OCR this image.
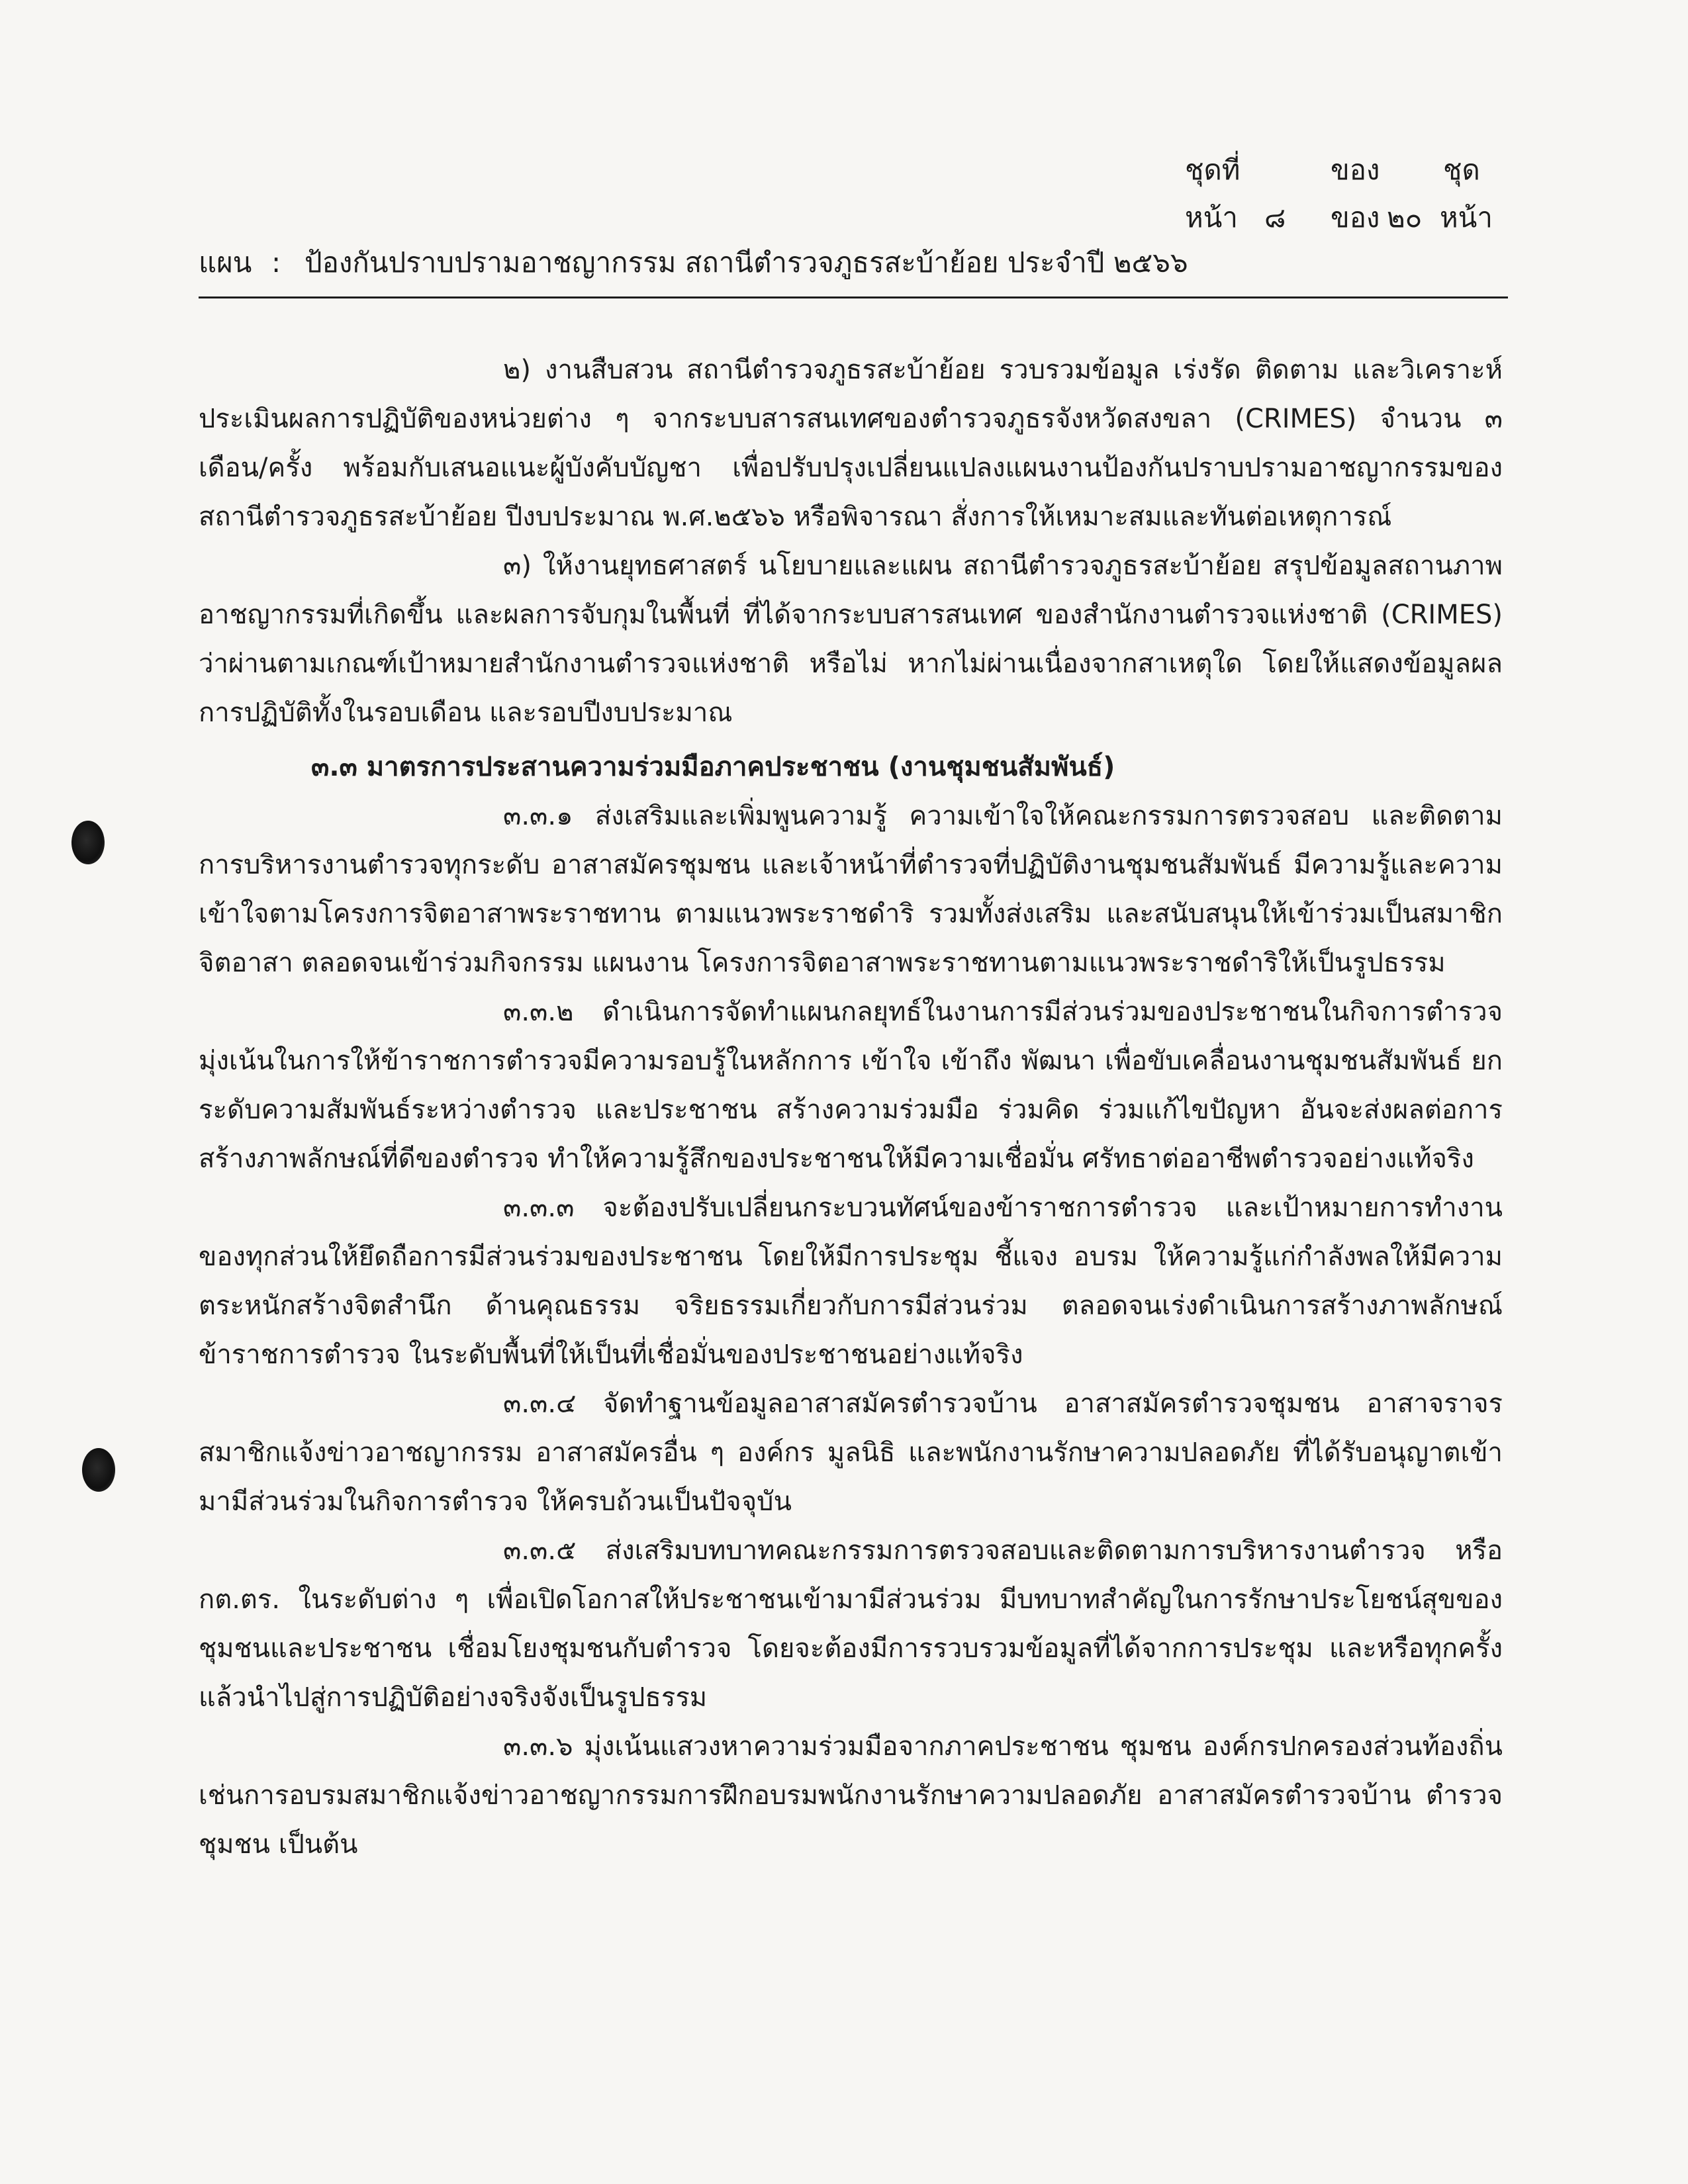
ชุดที่	ของ ชุด
หน้า ๘ ของ ๒๐ หน้า
แผน : ป้องกันปราบปรามอาชญากรรม สถานีตำรวจภูธรสะบ้าย้อย ประจำปี ๒๕๖๖

๒) งานสืบสวน สถานีตำรวจภูธรสะบ้าย้อย รวบรวมข้อมูล เร่งรัด ติดตาม และวิเคราะห์ประเมินผลการปฏิบัติของหน่วยต่าง ๆ จากระบบสารสนเทศของตำรวจภูธรจังหวัดสงขลา (CRIMES) จำนวน ๓ เดือน/ครั้ง พร้อมกับเสนอแนะผู้บังคับบัญชา เพื่อปรับปรุงเปลี่ยนแปลงแผนงานป้องกันปราบปรามอาชญากรรมของสถานีตำรวจภูธรสะบ้าย้อย ปีงบประมาณ พ.ศ.๒๕๖๖ หรือพิจารณา สั่งการให้เหมาะสมและทันต่อเหตุการณ์

๓) ให้งานยุทธศาสตร์ นโยบายและแผน สถานีตำรวจภูธรสะบ้าย้อย สรุปข้อมูลสถานภาพอาชญากรรมที่เกิดขึ้น และผลการจับกุมในพื้นที่ ที่ได้จากระบบสารสนเทศ ของสำนักงานตำรวจแห่งชาติ (CRIMES) ว่าผ่านตามเกณฑ์เป้าหมายสำนักงานตำรวจแห่งชาติ หรือไม่ หากไม่ผ่านเนื่องจากสาเหตุใด โดยให้แสดงข้อมูลผลการปฏิบัติทั้งในรอบเดือน และรอบปีงบประมาณ

๓.๓ มาตรการประสานความร่วมมือภาคประชาชน (งานชุมชนสัมพันธ์)

๓.๓.๑ ส่งเสริมและเพิ่มพูนความรู้ ความเข้าใจให้คณะกรรมการตรวจสอบ และติดตามการบริหารงานตำรวจทุกระดับ อาสาสมัครชุมชน และเจ้าหน้าที่ตำรวจที่ปฏิบัติงานชุมชนสัมพันธ์ มีความรู้และความเข้าใจตามโครงการจิตอาสาพระราชทาน ตามแนวพระราชดำริ รวมทั้งส่งเสริม และสนับสนุนให้เข้าร่วมเป็นสมาชิกจิตอาสา ตลอดจนเข้าร่วมกิจกรรม แผนงาน โครงการจิตอาสาพระราชทานตามแนวพระราชดำริให้เป็นรูปธรรม

๓.๓.๒ ดำเนินการจัดทำแผนกลยุทธ์ในงานการมีส่วนร่วมของประชาชนในกิจการตำรวจ มุ่งเน้นในการให้ข้าราชการตำรวจมีความรอบรู้ในหลักการ เข้าใจ เข้าถึง พัฒนา เพื่อขับเคลื่อนงานชุมชนสัมพันธ์ ยกระดับความสัมพันธ์ระหว่างตำรวจ และประชาชน สร้างความร่วมมือ ร่วมคิด ร่วมแก้ไขปัญหา อันจะส่งผลต่อการสร้างภาพลักษณ์ที่ดีของตำรวจ ทำให้ความรู้สึกของประชาชนให้มีความเชื่อมั่น ศรัทธาต่ออาชีพตำรวจอย่างแท้จริง

๓.๓.๓ จะต้องปรับเปลี่ยนกระบวนทัศน์ของข้าราชการตำรวจ และเป้าหมายการทำงานของทุกส่วนให้ยึดถือการมีส่วนร่วมของประชาชน โดยให้มีการประชุม ชี้แจง อบรม ให้ความรู้แก่กำลังพลให้มีความตระหนักสร้างจิตสำนึก ด้านคุณธรรม จริยธรรมเกี่ยวกับการมีส่วนร่วม ตลอดจนเร่งดำเนินการสร้างภาพลักษณ์ข้าราชการตำรวจ ในระดับพื้นที่ให้เป็นที่เชื่อมั่นของประชาชนอย่างแท้จริง

๓.๓.๔ จัดทำฐานข้อมูลอาสาสมัครตำรวจบ้าน อาสาสมัครตำรวจชุมชน อาสาจราจร สมาชิกแจ้งข่าวอาชญากรรม อาสาสมัครอื่น ๆ องค์กร มูลนิธิ และพนักงานรักษาความปลอดภัย ที่ได้รับอนุญาตเข้ามามีส่วนร่วมในกิจการตำรวจ ให้ครบถ้วนเป็นปัจจุบัน

๓.๓.๕ ส่งเสริมบทบาทคณะกรรมการตรวจสอบและติดตามการบริหารงานตำรวจ หรือ กต.ตร. ในระดับต่าง ๆ เพื่อเปิดโอกาสให้ประชาชนเข้ามามีส่วนร่วม มีบทบาทสำคัญในการรักษาประโยชน์สุขของชุมชนและประชาชน เชื่อมโยงชุมชนกับตำรวจ โดยจะต้องมีการรวบรวมข้อมูลที่ได้จากการประชุม และหรือทุกครั้งแล้วนำไปสู่การปฏิบัติอย่างจริงจังเป็นรูปธรรม

๓.๓.๖ มุ่งเน้นแสวงหาความร่วมมือจากภาคประชาชน ชุมชน องค์กรปกครองส่วนท้องถิ่นเช่นการอบรมสมาชิกแจ้งข่าวอาชญากรรมการฝึกอบรมพนักงานรักษาความปลอดภัย อาสาสมัครตำรวจบ้าน ตำรวจชุมชน เป็นต้น
